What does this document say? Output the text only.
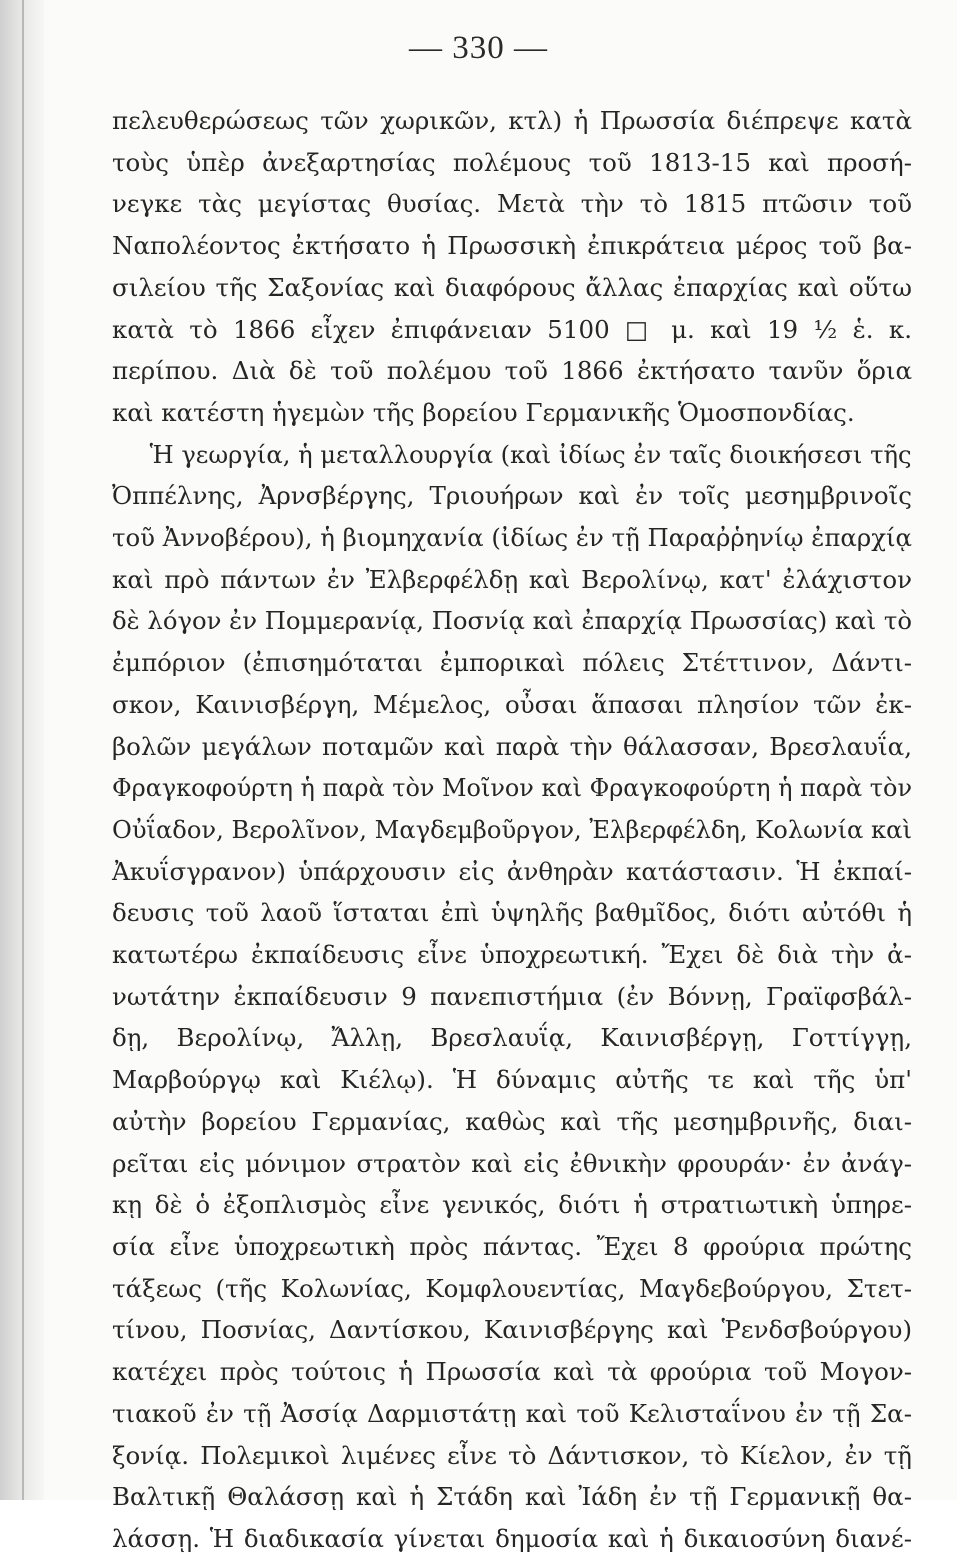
— 330 —
πελευθερώσεως τῶν χωρικῶν, κτλ) ἡ Πρωσσία διέπρεψε κατὰ
τοὺς ὑπὲρ ἀνεξαρτησίας πολέμους τοῦ 1813-15 καὶ προσή-
νεγκε τὰς μεγίστας θυσίας. Μετὰ τὴν τὸ 1815 πτῶσιν τοῦ
Ναπολέοντος ἐκτήσατο ἡ Πρωσσικὴ ἐπικράτεια μέρος τοῦ βα-
σιλείου τῆς Σαξονίας καὶ διαφόρους ἄλλας ἐπαρχίας καὶ οὕτω
κατὰ τὸ 1866 εἶχεν ἐπιφάνειαν 5100 □ μ. καὶ 19 ½ ἑ. κ.
περίπου. Διὰ δὲ τοῦ πολέμου τοῦ 1866 ἐκτήσατο τανῦν ὅρια
καὶ κατέστη ἡγεμὼν τῆς βορείου Γερμανικῆς Ὁμοσπονδίας.
Ἡ γεωργία, ἡ μεταλλουργία (καὶ ἰδίως ἐν ταῖς διοικήσεσι τῆς
Ὀππέλνης, Ἀρνσβέργης, Τριουήρων καὶ ἐν τοῖς μεσημβρινοῖς
τοῦ Ἀννοβέρου), ἡ βιομηχανία (ἰδίως ἐν τῇ Παραῤῥηνίῳ ἐπαρχίᾳ
καὶ πρὸ πάντων ἐν Ἐλβερφέλδῃ καὶ Βερολίνῳ, κατ' ἐλάχιστον
δὲ λόγον ἐν Πομμερανίᾳ, Ποσνίᾳ καὶ ἐπαρχίᾳ Πρωσσίας) καὶ τὸ
ἐμπόριον (ἐπισημόταται ἐμπορικαὶ πόλεις Στέττινον, Δάντι-
σκον, Καινισβέργη, Μέμελος, οὖσαι ἅπασαι πλησίον τῶν ἐκ-
βολῶν μεγάλων ποταμῶν καὶ παρὰ τὴν θάλασσαν, Βρεσλαυΐα,
Φραγκοφούρτη ἡ παρὰ τὸν Μοῖνον καὶ Φραγκοφούρτη ἡ παρὰ τὸν
Οὐΐαδον, Βερολῖνον, Μαγδεμβοῦργον, Ἐλβερφέλδη, Κολωνία καὶ
Ἀκυΐσγρανον) ὑπάρχουσιν εἰς ἀνθηρὰν κατάστασιν. Ἡ ἐκπαί-
δευσις τοῦ λαοῦ ἵσταται ἐπὶ ὑψηλῆς βαθμῖδος, διότι αὐτόθι ἡ
κατωτέρω ἐκπαίδευσις εἶνε ὑποχρεωτική. Ἔχει δὲ διὰ τὴν ἀ-
νωτάτην ἐκπαίδευσιν 9 πανεπιστήμια (ἐν Βόννῃ, Γραϊφσβάλ-
δῃ, Βερολίνῳ, Ἄλλῃ, Βρεσλαυΐᾳ, Καινισβέργῃ, Γοττίγγῃ,
Μαρβούργῳ καὶ Κιέλῳ). Ἡ δύναμις αὐτῆς τε καὶ τῆς ὑπ'
αὐτὴν βορείου Γερμανίας, καθὼς καὶ τῆς μεσημβρινῆς, διαι-
ρεῖται εἰς μόνιμον στρατὸν καὶ εἰς ἐθνικὴν φρουράν· ἐν ἀνάγ-
κῃ δὲ ὁ ἐξοπλισμὸς εἶνε γενικός, διότι ἡ στρατιωτικὴ ὑπηρε-
σία εἶνε ὑποχρεωτικὴ πρὸς πάντας. Ἔχει 8 φρούρια πρώτης
τάξεως (τῆς Κολωνίας, Κομφλουεντίας, Μαγδεβούργου, Στετ-
τίνου, Ποσνίας, Δαντίσκου, Καινισβέργης καὶ Ῥενδσβούργου)
κατέχει πρὸς τούτοις ἡ Πρωσσία καὶ τὰ φρούρια τοῦ Μογον-
τιακοῦ ἐν τῇ Ἀσσίᾳ Δαρμιστάτῃ καὶ τοῦ Κελισταΐνου ἐν τῇ Σα-
ξονίᾳ. Πολεμικοὶ λιμένες εἶνε τὸ Δάντισκον, τὸ Κίελον, ἐν τῇ
Βαλτικῇ Θαλάσσῃ καὶ ἡ Στάδη καὶ Ἰάδη ἐν τῇ Γερμανικῇ θα-
λάσσῃ. Ἡ διαδικασία γίνεται δημοσία καὶ ἡ δικαιοσύνη διανέ-
